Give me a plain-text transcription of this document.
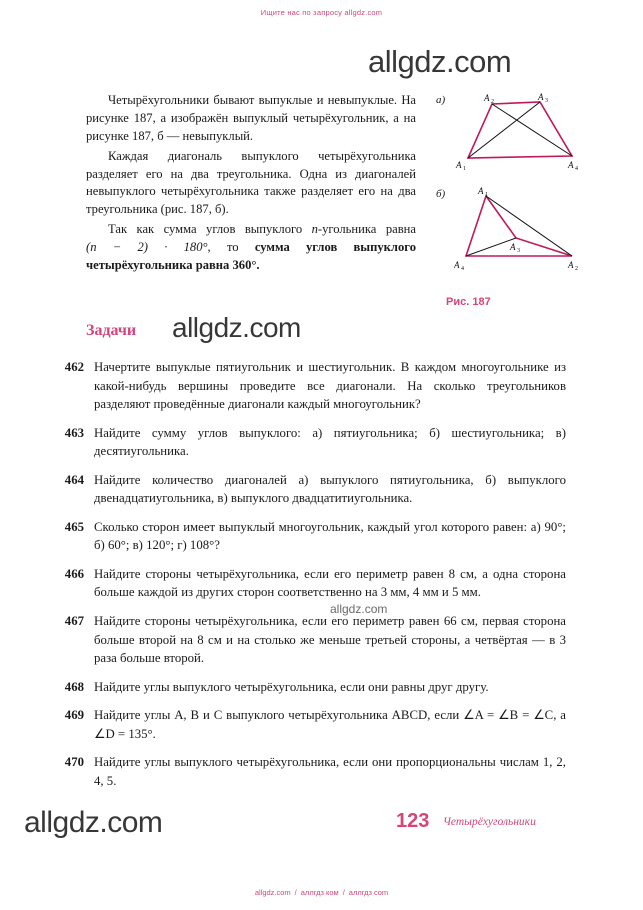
Ищите нас по запросу allgdz.com
allgdz.com
allgdz.com
allgdz.com
allgdz.com

Четырёхугольники бывают выпуклые и невыпуклые. На рисунке 187, а изображён выпуклый четырёхугольник, а на рисунке 187, б — невыпуклый.

Каждая диагональ выпуклого четырёхугольника разделяет его на два треугольника. Одна из диагоналей невыпуклого четырёхугольника также разделяет его на два треугольника (рис. 187, б).

Так как сумма углов выпуклого n-угольника равна (n − 2) · 180°, то сумма углов выпуклого четырёхугольника равна 360°.

Задачи
462 Начертите выпуклые пятиугольник и шестиугольник. В каждом многоугольнике из какой-нибудь вершины проведите все диагонали. На сколько треугольников разделяют проведённые диагонали каждый многоугольник?
463 Найдите сумму углов выпуклого: а) пятиугольника; б) шестиугольника; в) десятиугольника.
464 Найдите количество диагоналей а) выпуклого пятиугольника, б) выпуклого двенадцатиугольника, в) выпуклого двадцатитиугольника.
465 Сколько сторон имеет выпуклый многоугольник, каждый угол которого равен: а) 90°; б) 60°; в) 120°; г) 108°?
466 Найдите стороны четырёхугольника, если его периметр равен 8 см, а одна сторона больше каждой из других сторон соответственно на 3 мм, 4 мм и 5 мм.
467 Найдите стороны четырёхугольника, если его периметр равен 66 см, первая сторона больше второй на 8 см и на столько же меньше третьей стороны, а четвёртая — в 3 раза больше второй.
468 Найдите углы выпуклого четырёхугольника, если они равны друг другу.
469 Найдите углы A, B и C выпуклого четырёхугольника ABCD, если ∠A = ∠B = ∠C, а ∠D = 135°.
470 Найдите углы выпуклого четырёхугольника, если они пропорциональны числам 1, 2, 4, 5.
а)	A 2	A 3
A 1	A 4
б)	A 1
A 3
A 4	A 2
Рис. 187
123 Четырёхугольники
allgdz.com / аллгдз ком / аллгдз com
